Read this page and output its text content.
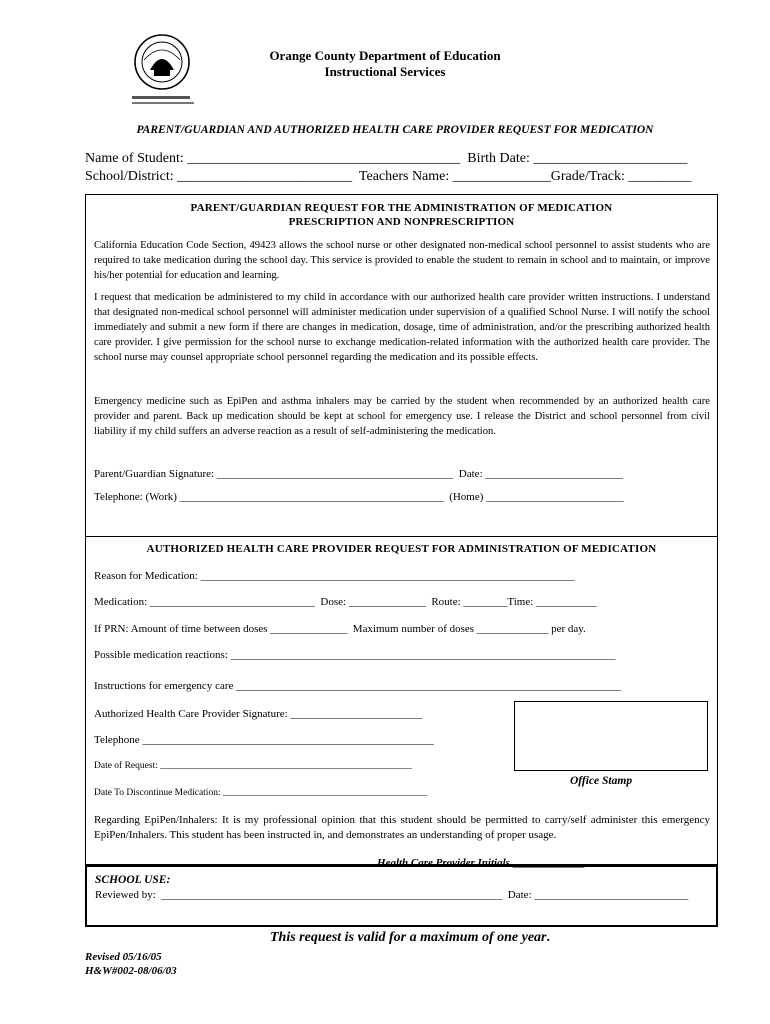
Orange County Department of Education
Instructional Services
PARENT/GUARDIAN AND AUTHORIZED HEALTH CARE PROVIDER REQUEST FOR MEDICATION
Name of Student: _______________________________________  Birth Date: ______________________
School/District: _________________________  Teachers Name: ______________Grade/Track: _________
PARENT/GUARDIAN REQUEST FOR THE ADMINISTRATION OF MEDICATION
PRESCRIPTION AND NONPRESCRIPTION
California Education Code Section, 49423 allows the school nurse or other designated non-medical school personnel to assist students who are required to take medication during the school day. This service is provided to enable the student to remain in school and to maintain, or improve his/her potential for education and learning.
I request that medication be administered to my child in accordance with our authorized health care provider written instructions. I understand that designated non-medical school personnel will administer medication under supervision of a qualified School Nurse. I will notify the school immediately and submit a new form if there are changes in medication, dosage, time of administration, and/or the prescribing authorized health care provider. I give permission for the school nurse to exchange medication-related information with the authorized health care provider. The school nurse may counsel appropriate school personnel regarding the medication and its possible effects.
Emergency medicine such as EpiPen and asthma inhalers may be carried by the student when recommended by an authorized health care provider and parent. Back up medication should be kept at school for emergency use. I release the District and school personnel from civil liability if my child suffers an adverse reaction as a result of self-administering the medication.
Parent/Guardian Signature: ___________________________________________  Date: _________________________
Telephone: (Work) ________________________________________________  (Home) _________________________
AUTHORIZED HEALTH CARE PROVIDER REQUEST FOR ADMINISTRATION OF MEDICATION
Reason for Medication: ____________________________________________________________________
Medication: ______________________________  Dose: ______________  Route: ________Time: ___________
If PRN: Amount of time between doses ______________  Maximum number of doses _____________ per day.
Possible medication reactions: ______________________________________________________________________
Instructions for emergency care ______________________________________________________________________
Authorized Health Care Provider Signature: ________________________
Telephone _____________________________________________________
Date of Request: _____________________________________________________
Date To Discontinue Medication: ___________________________________________
Office Stamp
Regarding EpiPen/Inhalers: It is my professional opinion that this student should be permitted to carry/self administer this emergency EpiPen/Inhalers. This student has been instructed in, and demonstrates an understanding of proper usage.

Health Care Provider Initials _____________

SCHOOL USE:
Reviewed by:  ______________________________________________________________  Date: ____________________________
This request is valid for a maximum of one year.
Revised 05/16/05
H&W#002-08/06/03
